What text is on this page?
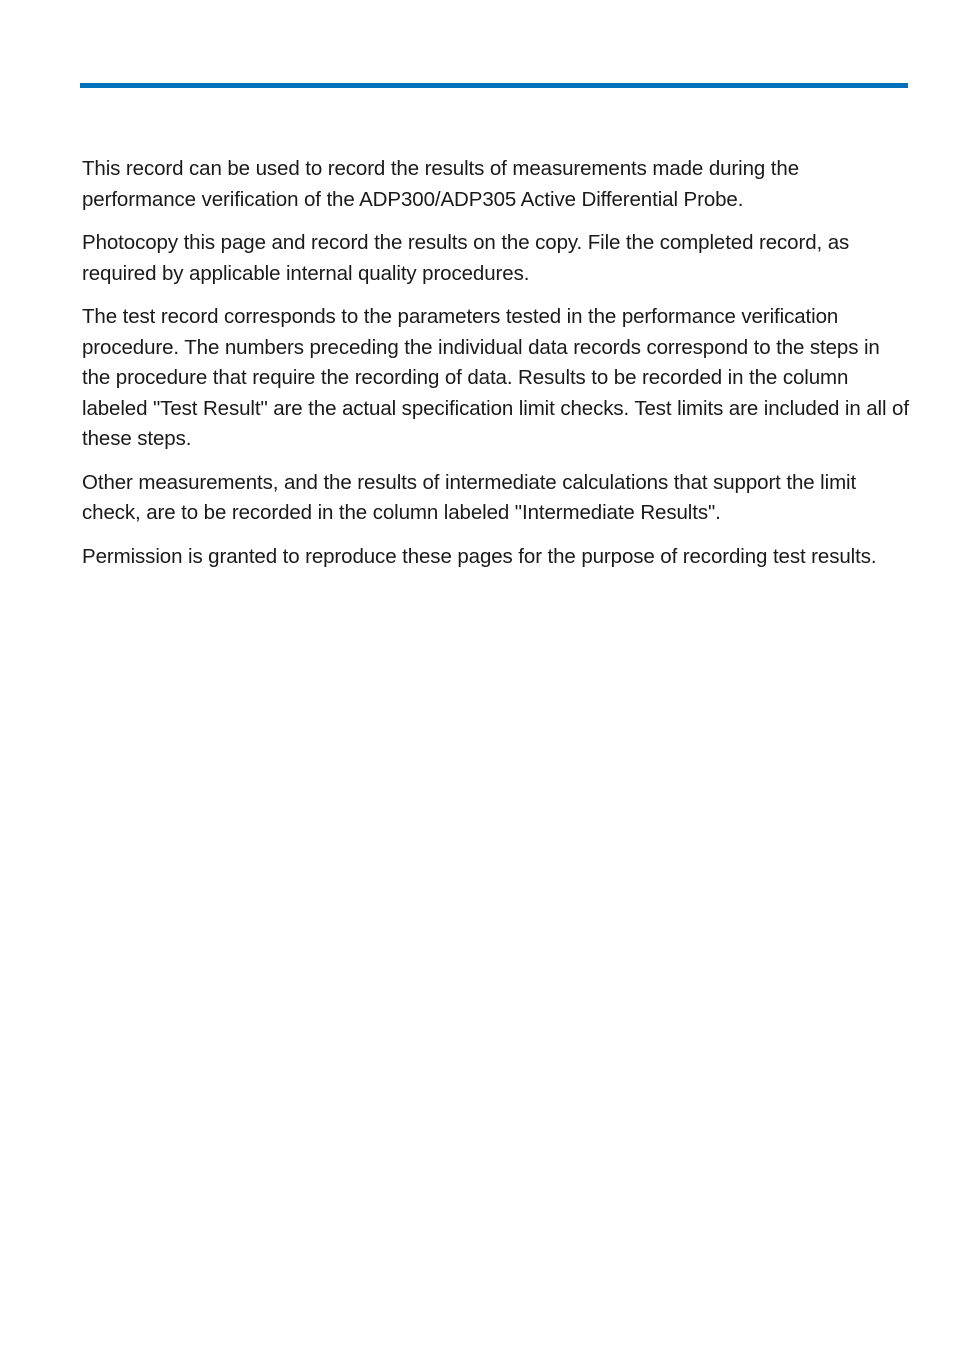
This record can be used to record the results of measurements made during the performance verification of the ADP300/ADP305 Active Differential Probe.

Photocopy this page and record the results on the copy. File the completed record, as required by applicable internal quality procedures.

The test record corresponds to the parameters tested in the performance verification procedure. The numbers preceding the individual data records correspond to the steps in the procedure that require the recording of data. Results to be recorded in the column labeled "Test Result" are the actual specification limit checks. Test limits are included in all of these steps.

Other measurements, and the results of intermediate calculations that support the limit check, are to be recorded in the column labeled "Intermediate Results".

Permission is granted to reproduce these pages for the purpose of recording test results.
